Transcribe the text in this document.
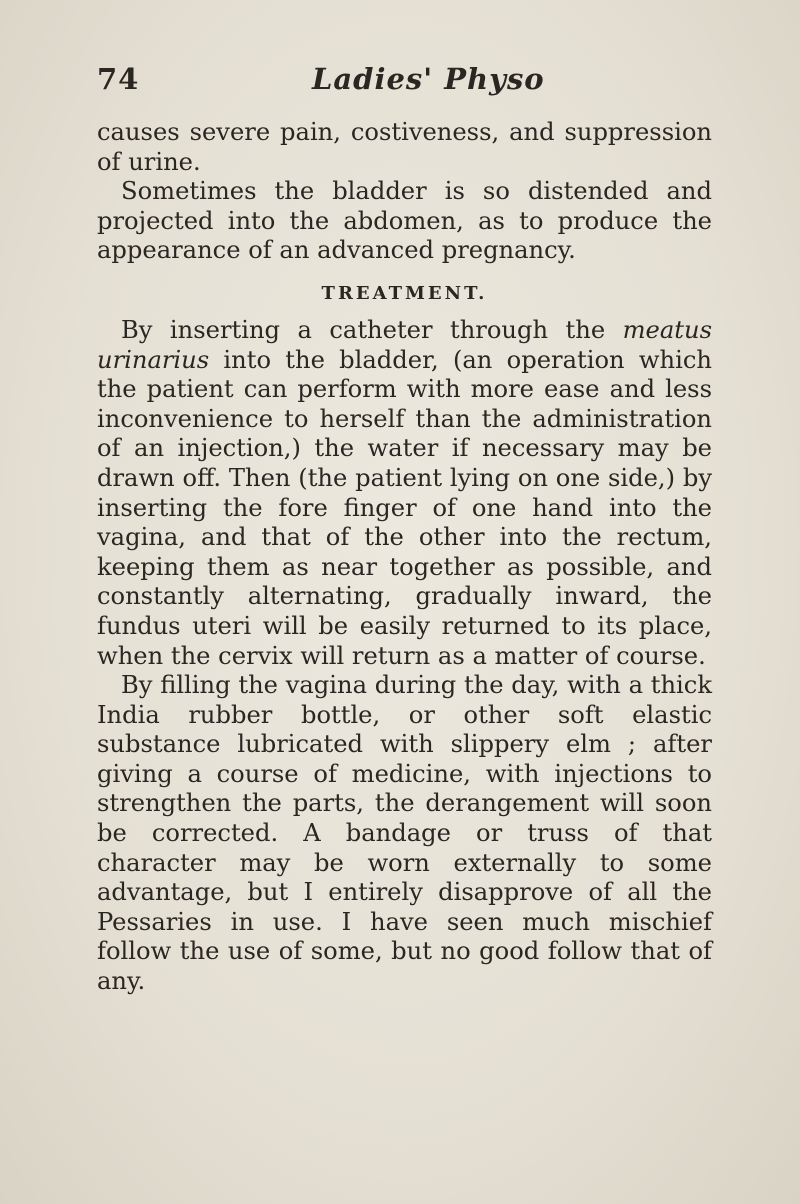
74	Ladies' Physo

causes severe pain, costiveness, and suppression of urine.

Sometimes the bladder is so distended and projected into the abdomen, as to produce the appearance of an advanced pregnancy.

TREATMENT.

By inserting a catheter through the meatus urinarius into the bladder, (an operation which the patient can perform with more ease and less inconvenience to herself than the administration of an injection,) the water if necessary may be drawn off. Then (the patient lying on one side,) by inserting the fore finger of one hand into the vagina, and that of the other into the rectum, keeping them as near together as possible, and constantly alternating, gradually inward, the fundus uteri will be easily returned to its place, when the cervix will return as a matter of course.

By filling the vagina during the day, with a thick India rubber bottle, or other soft elastic substance lubricated with slippery elm ; after giving a course of medicine, with injections to strengthen the parts, the derangement will soon be corrected. A bandage or truss of that character may be worn externally to some advantage, but I entirely disapprove of all the Pessaries in use. I have seen much mischief follow the use of some, but no good follow that of any.
